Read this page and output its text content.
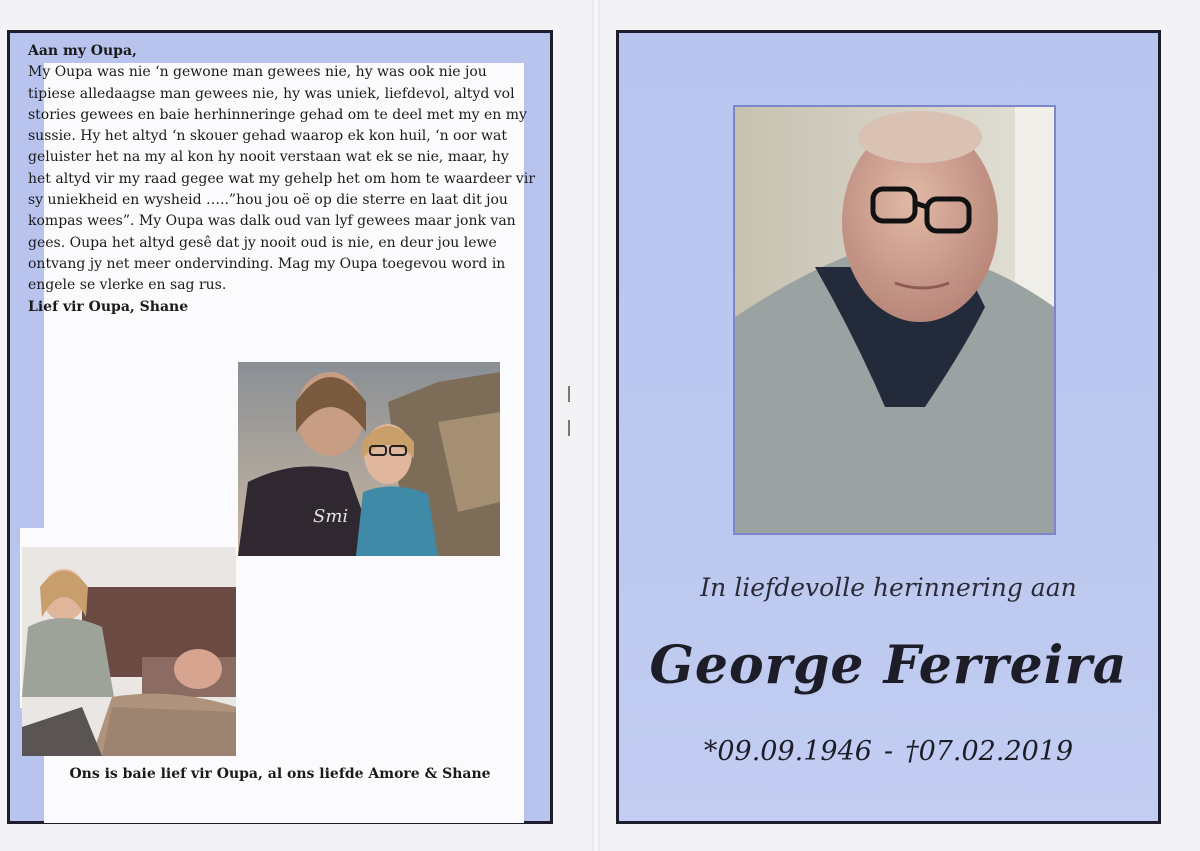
Aan my Oupa,

My Oupa was nie ‘n gewone man gewees nie, hy was ook nie jou tipiese alledaagse man gewees nie, hy was uniek, liefdevol, altyd vol stories gewees en baie herhinneringe gehad om te deel met my en my sussie. Hy het altyd ‘n skouer gehad waarop ek kon huil, ‘n oor wat geluister het na my al kon hy nooit verstaan wat ek se nie, maar, hy het altyd vir my raad gegee wat my gehelp het om hom te waardeer vir sy uniekheid en wysheid …..”hou jou oë op die sterre en laat dit jou kompas wees”. My Oupa was dalk oud van lyf gewees maar jonk van gees. Oupa het altyd gesê dat jy nooit oud is nie, en deur jou lewe ontvang jy net meer ondervinding. Mag my Oupa toegevou word in engele se vlerke en sag rus.

Lief vir Oupa, Shane

Smi
Ons is baie lief vir Oupa, al ons liefde Amore & Shane
In liefdevolle herinnering aan
George Ferreira
*09.09.1946 - †07.02.2019
